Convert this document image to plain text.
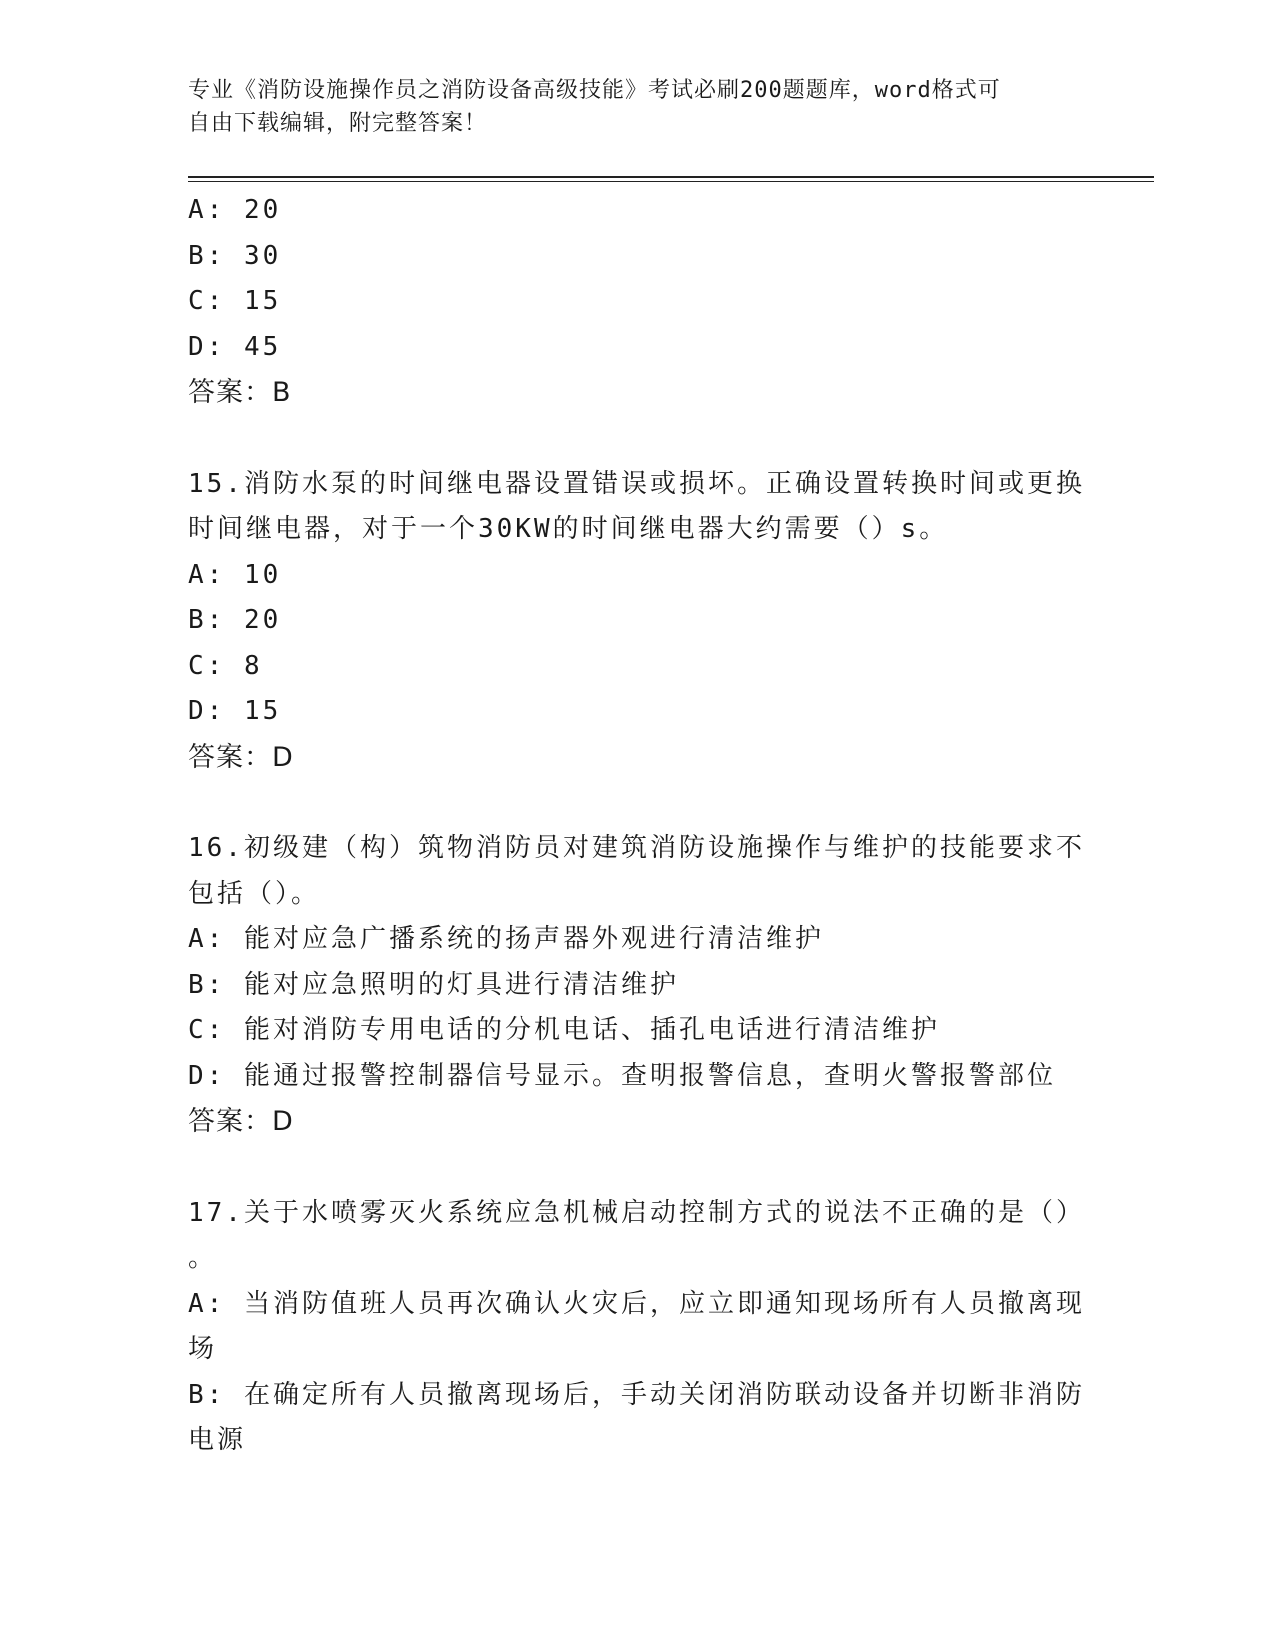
专业《消防设施操作员之消防设备高级技能》考试必刷200题题库，word格式可
自由下载编辑，附完整答案！
A: 20
B: 30
C: 15
D: 45
答案：B
15.消防水泵的时间继电器设置错误或损坏。正确设置转换时间或更换
时间继电器，对于一个30KW的时间继电器大约需要（）s。
A: 10
B: 20
C: 8
D: 15
答案：D
16.初级建（构）筑物消防员对建筑消防设施操作与维护的技能要求不
包括（）。
A: 能对应急广播系统的扬声器外观进行清洁维护
B: 能对应急照明的灯具进行清洁维护
C: 能对消防专用电话的分机电话、插孔电话进行清洁维护
D: 能通过报警控制器信号显示。查明报警信息，查明火警报警部位
答案：D
17.关于水喷雾灭火系统应急机械启动控制方式的说法不正确的是（）
。
A: 当消防值班人员再次确认火灾后，应立即通知现场所有人员撤离现
场
B: 在确定所有人员撤离现场后，手动关闭消防联动设备并切断非消防
电源
